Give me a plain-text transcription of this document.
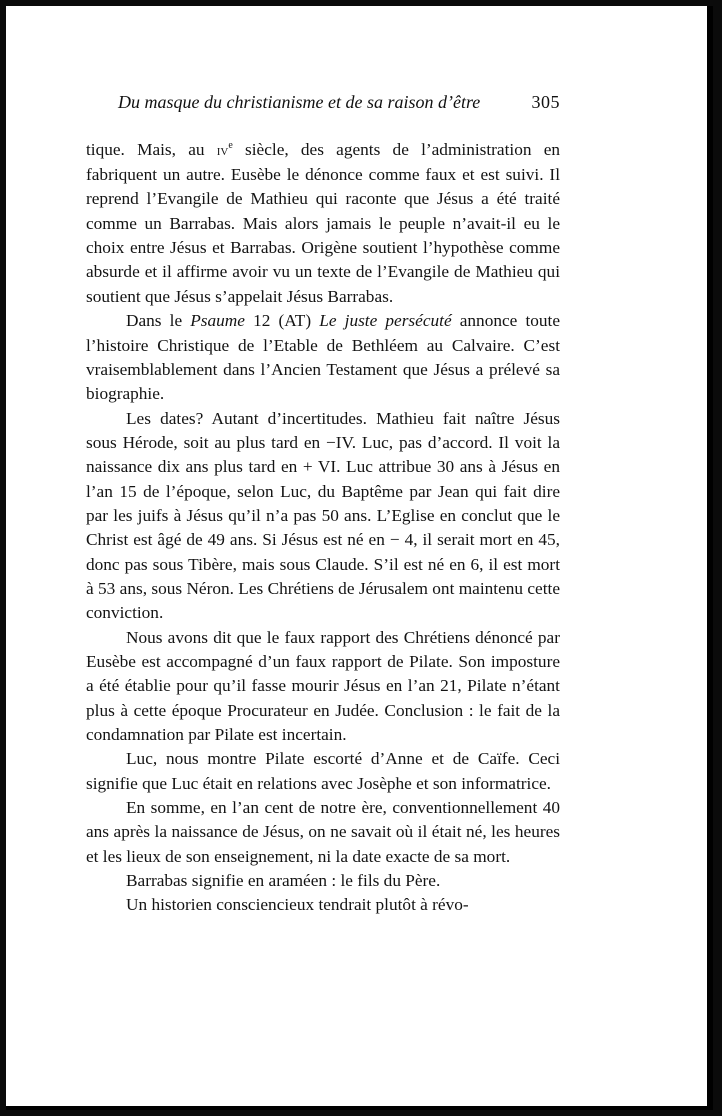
Du masque du christianisme et de sa raison d’être	305

tique. Mais, au $iv^e$ siècle, des agents de l’administration en fabriquent un autre. Eusèbe le dénonce comme faux et est suivi. Il reprend l’Evangile de Mathieu qui raconte que Jésus a été traité comme un Barrabas. Mais alors jamais le peuple n’avait-il eu le choix entre Jésus et Barrabas. Origène soutient l’hypothèse comme absurde et il affirme avoir vu un texte de l’Evangile de Mathieu qui soutient que Jésus s’appelait Jésus Barrabas.

Dans le Psaume 12 (AT) Le juste persécuté annonce toute l’histoire Christique de l’Etable de Bethléem au Calvaire. C’est vraisemblablement dans l’Ancien Testament que Jésus a prélevé sa biographie.

Les dates? Autant d’incertitudes. Mathieu fait naître Jésus sous Hérode, soit au plus tard en −IV. Luc, pas d’accord. Il voit la naissance dix ans plus tard en + VI. Luc attribue 30 ans à Jésus en l’an 15 de l’époque, selon Luc, du Baptême par Jean qui fait dire par les juifs à Jésus qu’il n’a pas 50 ans. L’Eglise en conclut que le Christ est âgé de 49 ans. Si Jésus est né en − 4, il serait mort en 45, donc pas sous Tibère, mais sous Claude. S’il est né en 6, il est mort à 53 ans, sous Néron. Les Chrétiens de Jérusalem ont maintenu cette conviction.

Nous avons dit que le faux rapport des Chrétiens dénoncé par Eusèbe est accompagné d’un faux rapport de Pilate. Son imposture a été établie pour qu’il fasse mourir Jésus en l’an 21, Pilate n’étant plus à cette époque Procurateur en Judée. Conclusion : le fait de la condamnation par Pilate est incertain.

Luc, nous montre Pilate escorté d’Anne et de Caïfe. Ceci signifie que Luc était en relations avec Josèphe et son informatrice.

En somme, en l’an cent de notre ère, conventionnellement 40 ans après la naissance de Jésus, on ne savait où il était né, les heures et les lieux de son enseignement, ni la date exacte de sa mort.

Barrabas signifie en araméen : le fils du Père.

Un historien consciencieux tendrait plutôt à révo-
